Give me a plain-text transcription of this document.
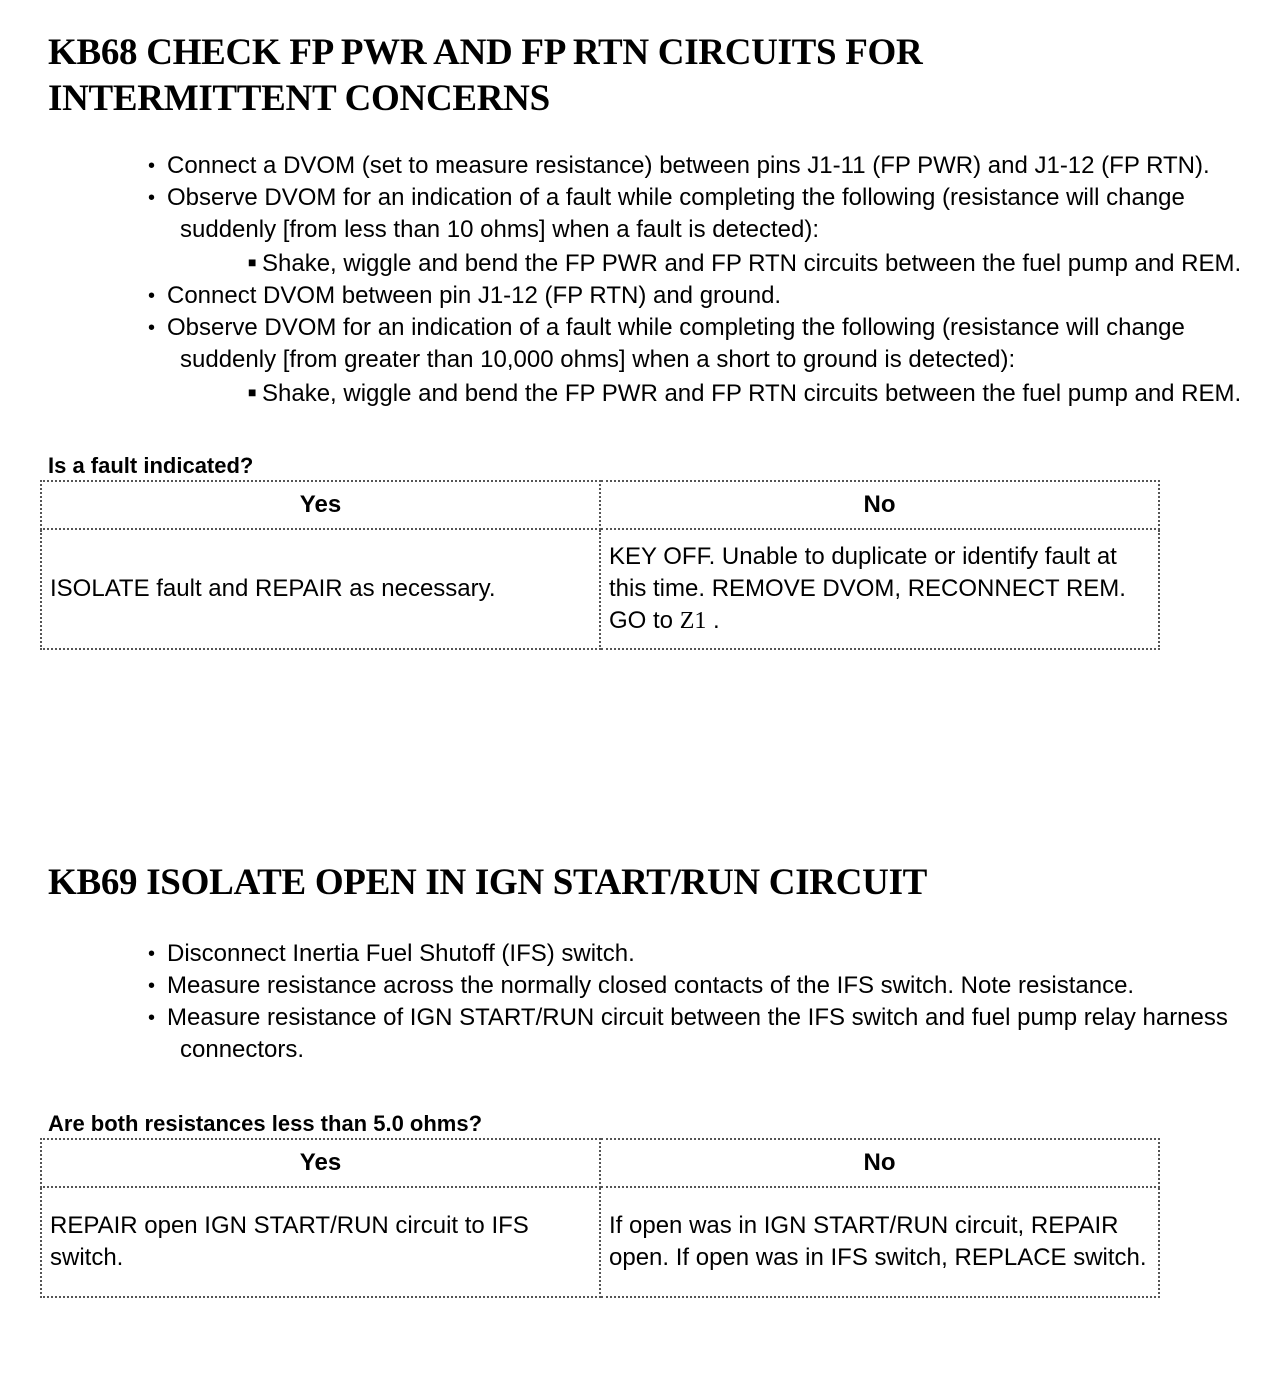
KB68 CHECK FP PWR AND FP RTN CIRCUITS FOR
INTERMITTENT CONCERNS
• Connect a DVOM (set to measure resistance) between pins J1-11 (FP PWR) and J1-12 (FP RTN).
• Observe DVOM for an indication of a fault while completing the following (resistance will change suddenly [from less than 10 ohms] when a fault is detected):
■ Shake, wiggle and bend the FP PWR and FP RTN circuits between the fuel pump and REM.
• Connect DVOM between pin J1-12 (FP RTN) and ground.
• Observe DVOM for an indication of a fault while completing the following (resistance will change suddenly [from greater than 10,000 ohms] when a short to ground is detected):
■ Shake, wiggle and bend the FP PWR and FP RTN circuits between the fuel pump and REM.

Is a fault indicated?

Yes	No
ISOLATE fault and REPAIR as necessary.	KEY OFF. Unable to duplicate or identify fault at this time. REMOVE DVOM, RECONNECT REM. GO to Z1 .
KB69 ISOLATE OPEN IN IGN START/RUN CIRCUIT
• Disconnect Inertia Fuel Shutoff (IFS) switch.
• Measure resistance across the normally closed contacts of the IFS switch. Note resistance.
• Measure resistance of IGN START/RUN circuit between the IFS switch and fuel pump relay harness connectors.

Are both resistances less than 5.0 ohms?

Yes	No
REPAIR open IGN START/RUN circuit to IFS switch.	If open was in IGN START/RUN circuit, REPAIR open. If open was in IFS switch, REPLACE switch.
